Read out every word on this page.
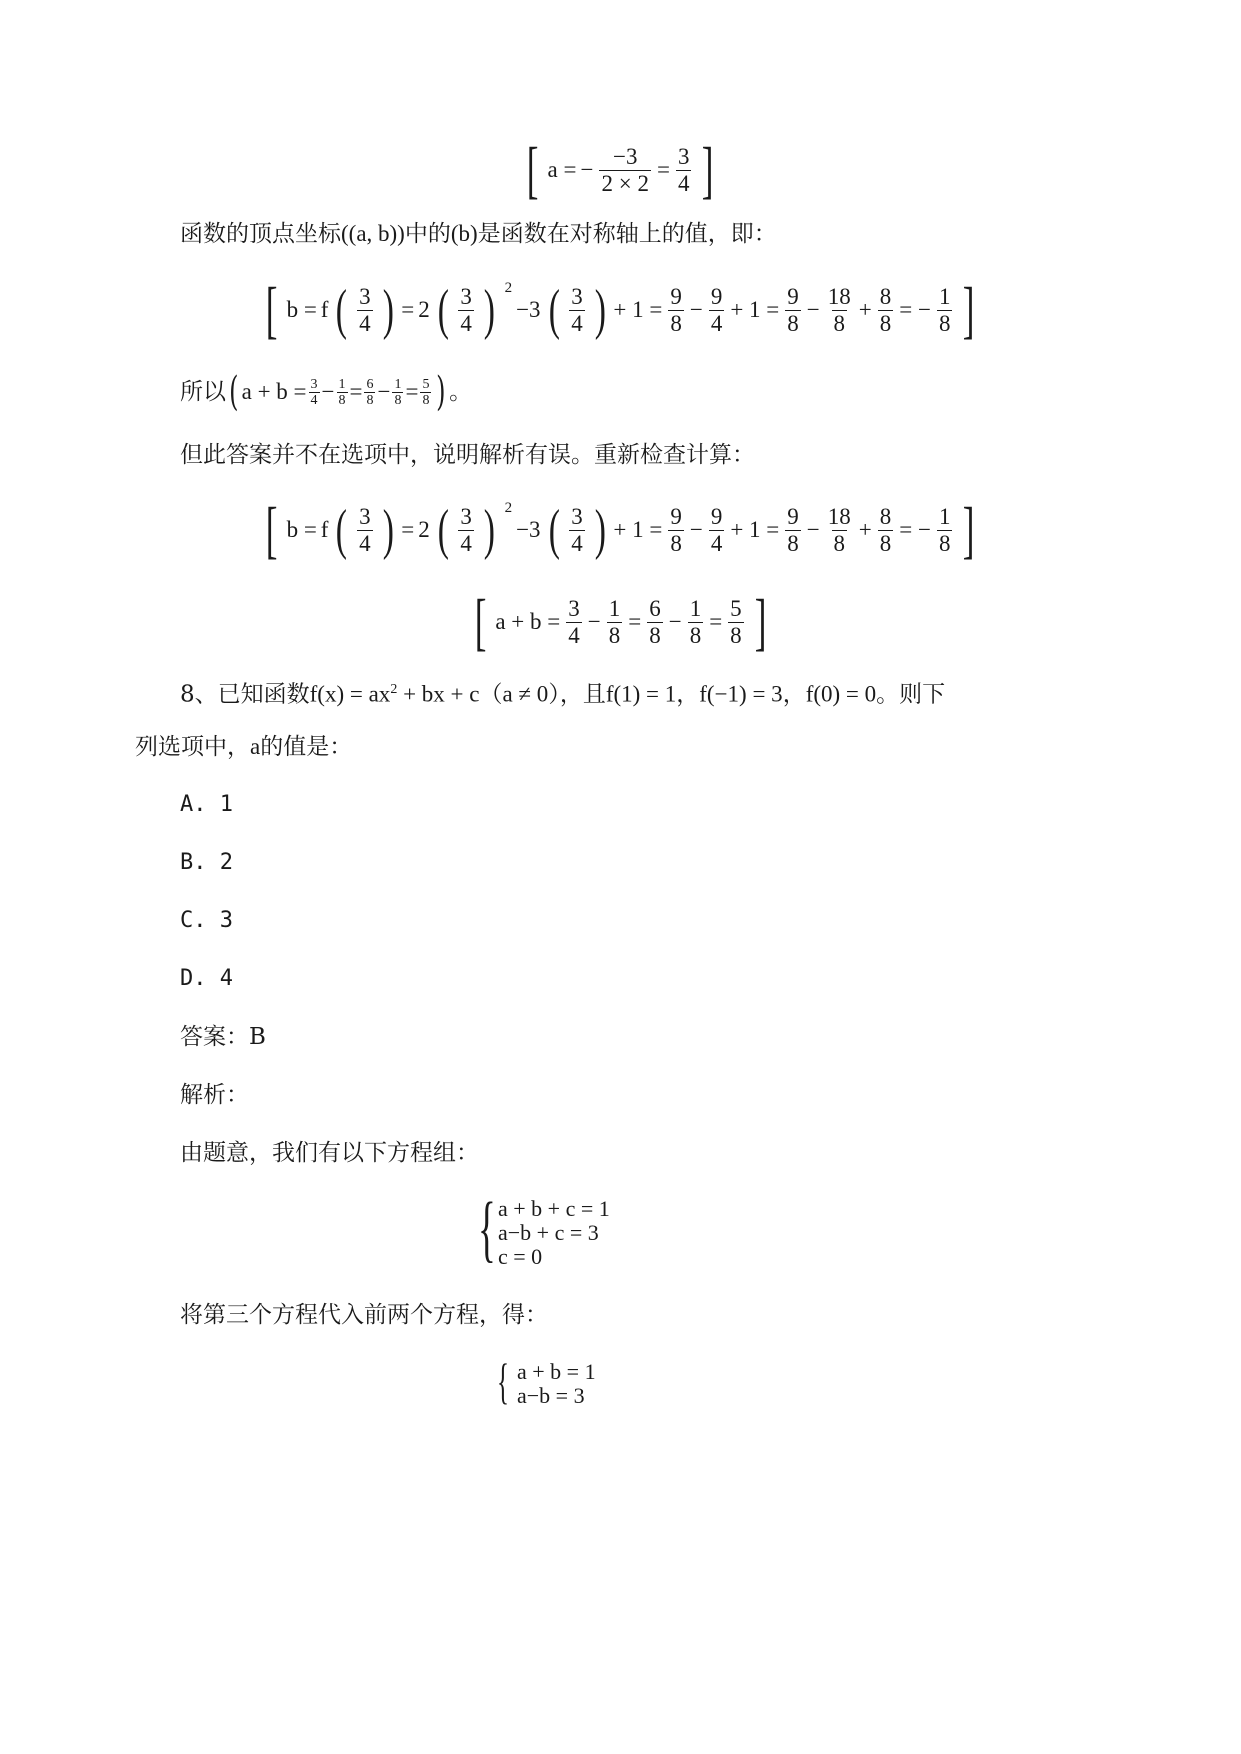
[ a = − $\frac{-3}{2 \times 2} = \frac{3}{4}$ ]
函数的顶点坐标((a, b))中的(b)是函数在对称轴上的值，即：
[ b = f ( $\frac{3}{4}$ ) = 2 ( $\frac{3}{4}$ ) $^2$
−3 ( $\frac{3}{4}$ ) + $1 = \frac{9}{8} - \frac{9}{4} + 1 = \frac{9}{8} - \frac{18}{8} + \frac{8}{8}$ = − $\frac{1}{8}$ ]
所以 ( $a + b = \frac{3}{4} - \frac{1}{8} = \frac{6}{8} - \frac{1}{8} = \frac{5}{8}$ ) 。
但此答案并不在选项中，说明解析有误。重新检查计算：
[ b = f ( $\frac{3}{4}$ ) = 2 ( $\frac{3}{4}$ ) $^2$
−3 ( $\frac{3}{4}$ ) + $1 = \frac{9}{8} - \frac{9}{4} + 1 = \frac{9}{8} - \frac{18}{8} + \frac{8}{8}$ = − $\frac{1}{8}$ ]
[ $a + b = \frac{3}{4} - \frac{1}{8} = \frac{6}{8} - \frac{1}{8} = \frac{5}{8}$ ]
8、已知函数$f(x) = ax^2$ + bx + c（a ≠ 0），且f(1) = 1，f(−1) = 3，f(0) = 0。则下
列选项中，a的值是：
A. 1
B. 2
C. 3
D. 4
答案：B
解析：
由题意，我们有以下方程组：
{ a + b + c = 1
a−b + c = 3
c = 0
将第三个方程代入前两个方程，得：
{ a + b = 1
a−b = 3
